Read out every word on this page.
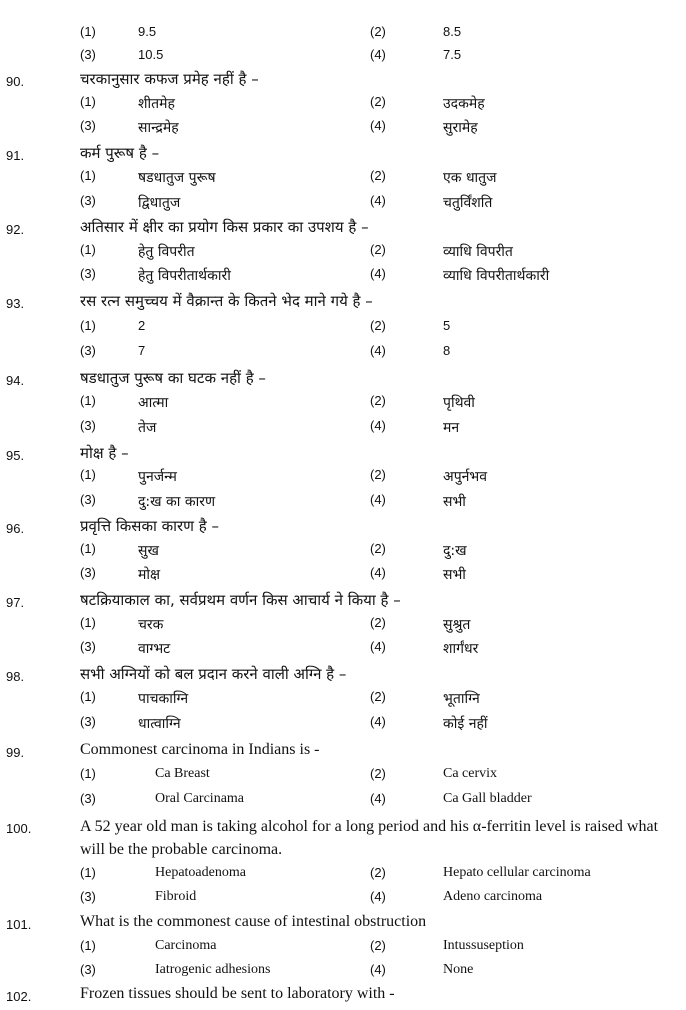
(1)	9.5	(2)	8.5
(3)	10.5	(4)	7.5
90.	चरकानुसार कफज प्रमेह नहीं है –
(1)	शीतमेह	(2)	उदकमेह
(3)	सान्द्रमेह	(4)	सुरामेह
91.	कर्म पुरूष है –
(1)	षडधातुज पुरूष	(2)	एक धातुज
(3)	द्विधातुज	(4)	चतुर्विंशति
92.	अतिसार में क्षीर का प्रयोग किस प्रकार का उपशय है –
(1)	हेतु विपरीत	(2)	व्याधि विपरीत
(3)	हेतु विपरीतार्थकारी	(4)	व्याधि विपरीतार्थकारी
93.	रस रत्न समुच्चय में वैक्रान्त के कितने भेद माने गये है –
(1)	2	(2)	5
(3)	7	(4)	8
94.	षडधातुज पुरूष का घटक नहीं है –
(1)	आत्मा	(2)	पृथिवी
(3)	तेज	(4)	मन
95.	मोक्ष है –
(1)	पुनर्जन्म	(2)	अपुर्नभव
(3)	दु:ख का कारण	(4)	सभी
96.	प्रवृत्ति किसका कारण है –
(1)	सुख	(2)	दु:ख
(3)	मोक्ष	(4)	सभी
97.	षटक्रियाकाल का, सर्वप्रथम वर्णन किस आचार्य ने किया है –
(1)	चरक	(2)	सुश्रुत
(3)	वाग्भट	(4)	शार्गंधर
98.	सभी अग्नियों को बल प्रदान करने वाली अग्नि है –
(1)	पाचकाग्नि	(2)	भूताग्नि
(3)	धात्वाग्नि	(4)	कोई नहीं
99.	Commonest carcinoma in Indians is -
(1)	Ca Breast	(2)	Ca cervix
(3)	Oral Carcinama	(4)	Ca Gall bladder
100.	A 52 year old man is taking alcohol for a long period and his α-ferritin level is raised what will be the probable carcinoma.
(1)	Hepatoadenoma	(2)	Hepato cellular carcinoma
(3)	Fibroid	(4)	Adeno carcinoma
101.	What is the commonest cause of intestinal obstruction
(1)	Carcinoma	(2)	Intussuseption
(3)	Iatrogenic adhesions	(4)	None
102.	Frozen tissues should be sent to laboratory with -
